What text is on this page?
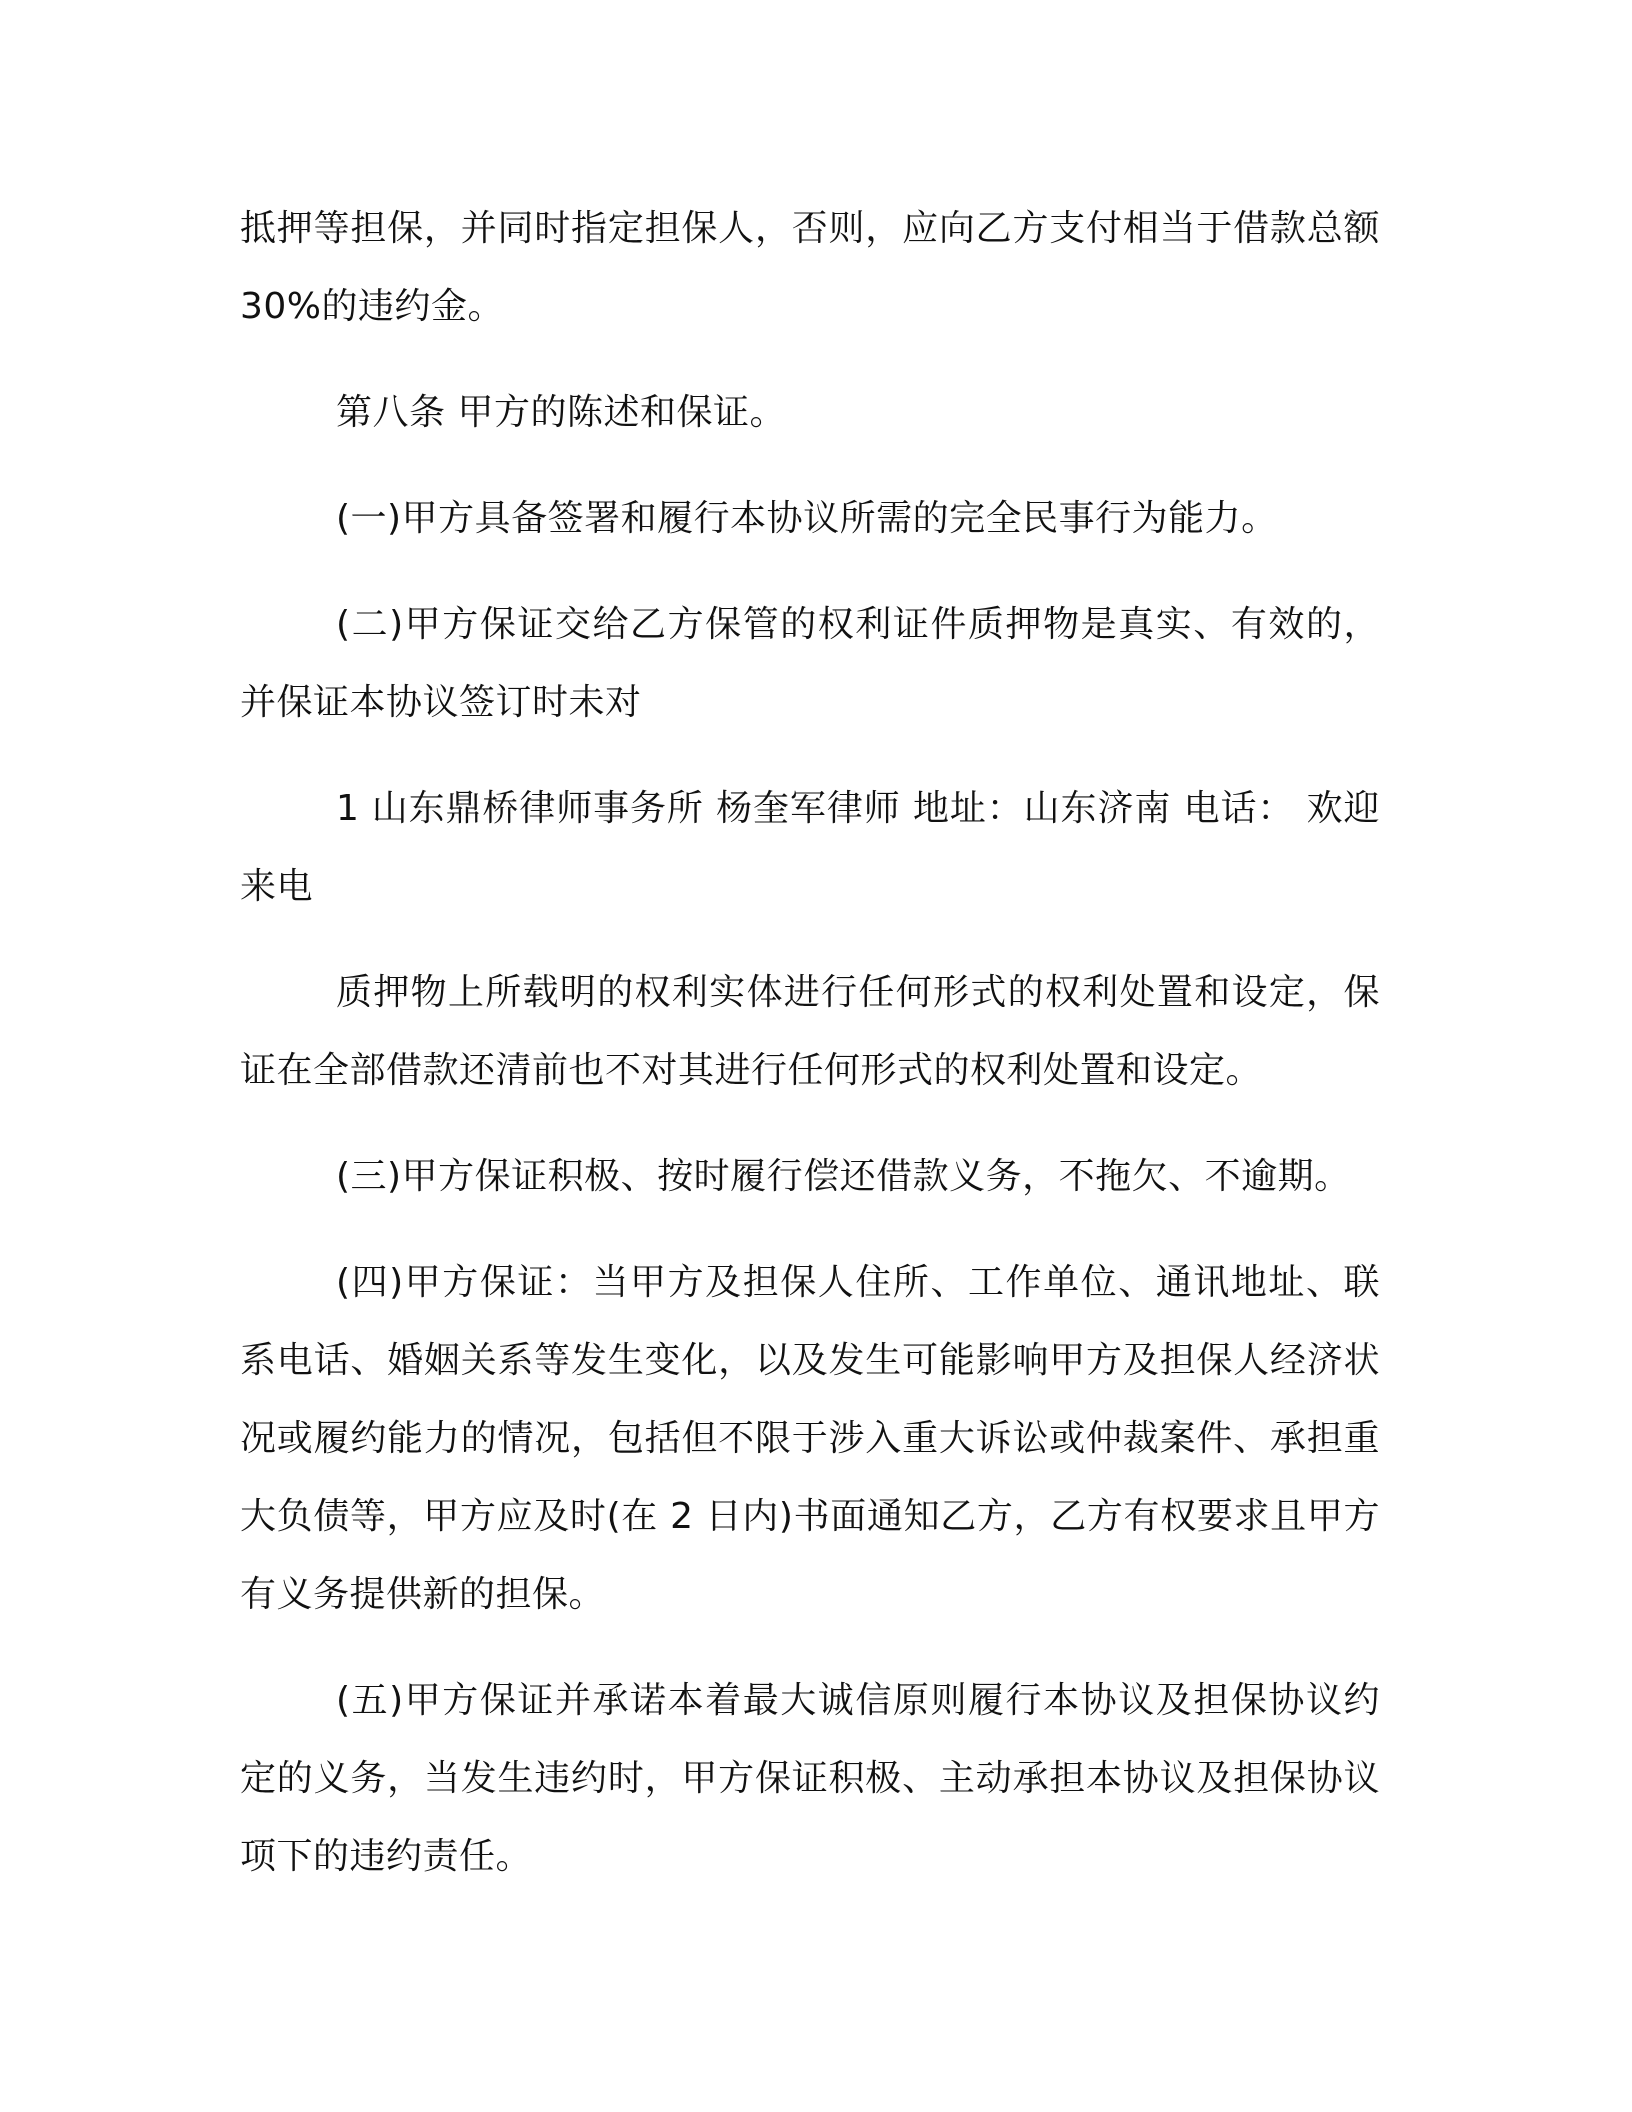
抵押等担保，并同时指定担保人，否则，应向乙方支付相当于借款总额 30%的违约金。

第八条 甲方的陈述和保证。

(一)甲方具备签署和履行本协议所需的完全民事行为能力。

(二)甲方保证交给乙方保管的权利证件质押物是真实、有效的，并保证本协议签订时未对

1 山东鼎桥律师事务所 杨奎军律师 地址：山东济南 电话： 欢迎来电

质押物上所载明的权利实体进行任何形式的权利处置和设定，保证在全部借款还清前也不对其进行任何形式的权利处置和设定。

(三)甲方保证积极、按时履行偿还借款义务，不拖欠、不逾期。

(四)甲方保证：当甲方及担保人住所、工作单位、通讯地址、联系电话、婚姻关系等发生变化，以及发生可能影响甲方及担保人经济状况或履约能力的情况，包括但不限于涉入重大诉讼或仲裁案件、承担重大负债等，甲方应及时(在 2 日内)书面通知乙方，乙方有权要求且甲方有义务提供新的担保。

(五)甲方保证并承诺本着最大诚信原则履行本协议及担保协议约定的义务，当发生违约时，甲方保证积极、主动承担本协议及担保协议项下的违约责任。
